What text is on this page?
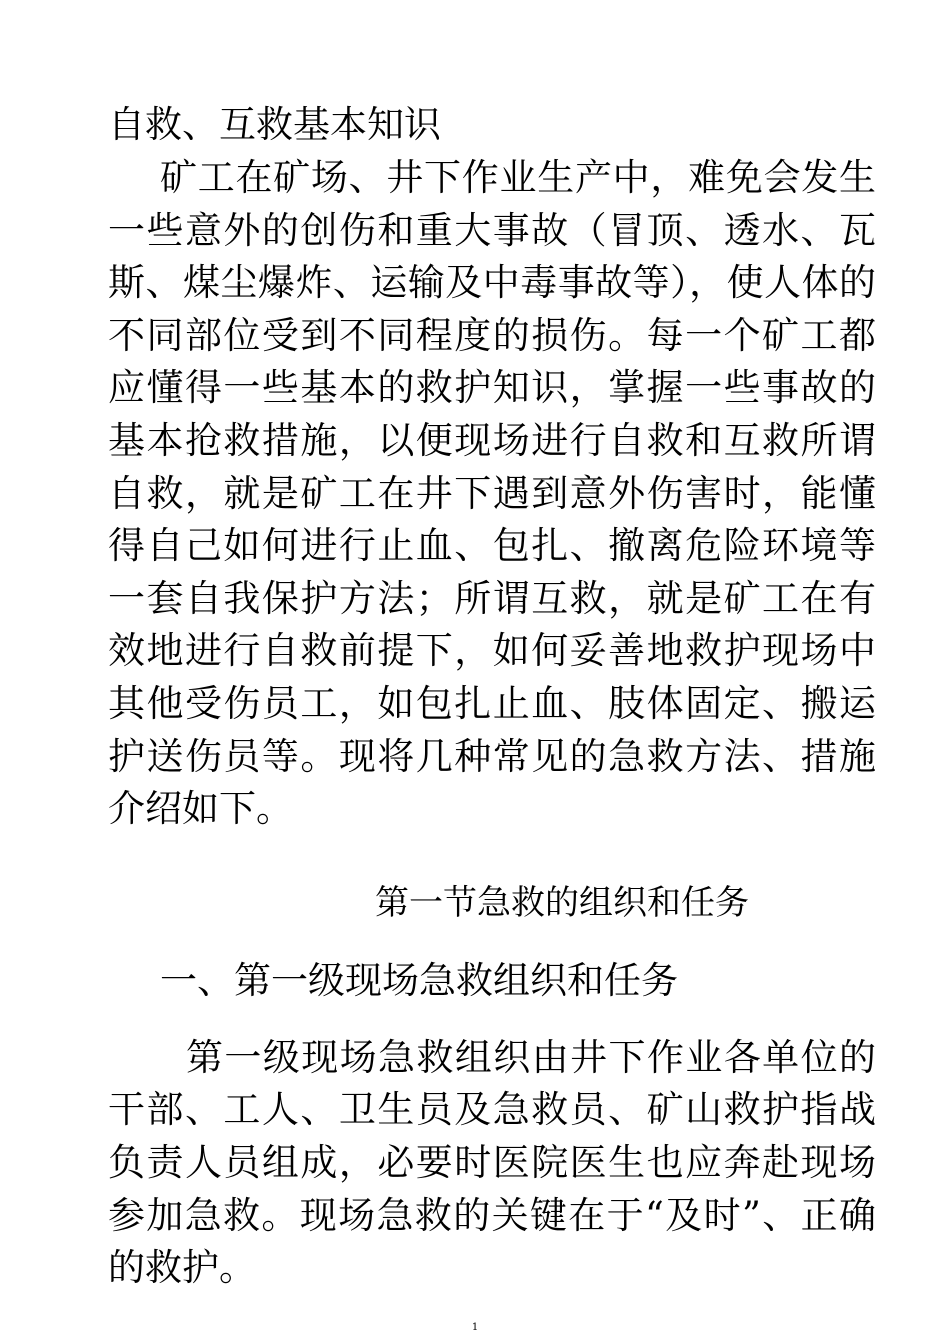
自救、互救基本知识

矿工在矿场、井下作业生产中，难免会发生一些意外的创伤和重大事故（冒顶、透水、瓦斯、煤尘爆炸、运输及中毒事故等），使人体的不同部位受到不同程度的损伤。每一个矿工都应懂得一些基本的救护知识，掌握一些事故的基本抢救措施，以便现场进行自救和互救所谓自救，就是矿工在井下遇到意外伤害时，能懂得自己如何进行止血、包扎、撤离危险环境等一套自我保护方法；所谓互救，就是矿工在有效地进行自救前提下，如何妥善地救护现场中其他受伤员工，如包扎止血、肢体固定、搬运护送伤员等。现将几种常见的急救方法、措施介绍如下。

第一节急救的组织和任务
一、第一级现场急救组织和任务

第一级现场急救组织由井下作业各单位的干部、工人、卫生员及急救员、矿山救护指战负责人员组成，必要时医院医生也应奔赴现场参加急救。现场急救的关键在于“及时”、正确的救护。

1
